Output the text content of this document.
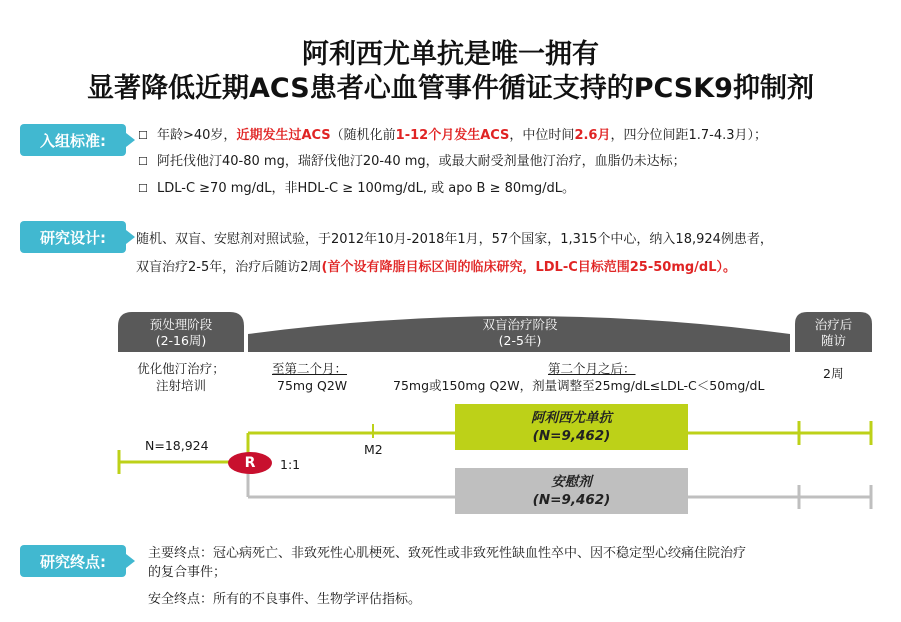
阿利西尤单抗是唯一拥有
显著降低近期ACS患者心血管事件循证支持的PCSK9抑制剂
入组标准:	☐ 年龄>40岁，近期发生过ACS（随机化前1-12个月发生ACS，中位时间2.6月，四分位间距1.7-4.3月）；
☐ 阿托伐他汀40-80 mg，瑞舒伐他汀20-40 mg，或最大耐受剂量他汀治疗，血脂仍未达标；
☐ LDL-C ≥70 mg/dL，非HDL-C ≥ 100mg/dL, 或 apo B ≥ 80mg/dL。
研究设计:	随机、双盲、安慰剂对照试验，于2012年10月-2018年1月，57个国家，1,315个中心，纳入18,924例患者，
双盲治疗2-5年，治疗后随访2周(首个设有降脂目标区间的临床研究，LDL-C目标范围25-50mg/dL）。
预处理阶段
(2-16周)
双盲治疗阶段
(2-5年)
治疗后
随访
优化他汀治疗；
注射培训
至第二个月：
75mg Q2W
第二个月之后：
75mg或150mg Q2W，剂量调整至25mg/dL≤LDL-C＜50mg/dL
2周
N=18,924
R	1:1
M2
阿利西尤单抗
(N=9,462)
安慰剂
(N=9,462)
研究终点:	主要终点：冠心病死亡、非致死性心肌梗死、致死性或非致死性缺血性卒中、因不稳定型心绞痛住院治疗
的复合事件；
安全终点：所有的不良事件、生物学评估指标。
